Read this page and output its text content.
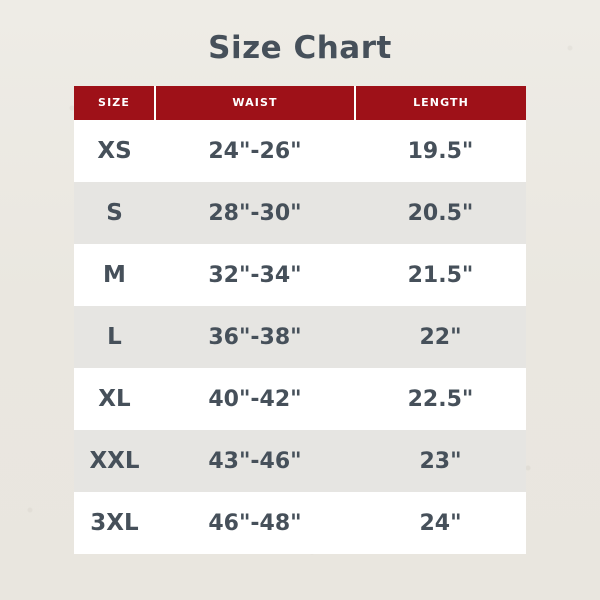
Size Chart
SIZE	WAIST	LENGTH
XS	24"-26"	19.5"
S	28"-30"	20.5"
M	32"-34"	21.5"
L	36"-38"	22"
XL	40"-42"	22.5"
XXL	43"-46"	23"
3XL	46"-48"	24"
